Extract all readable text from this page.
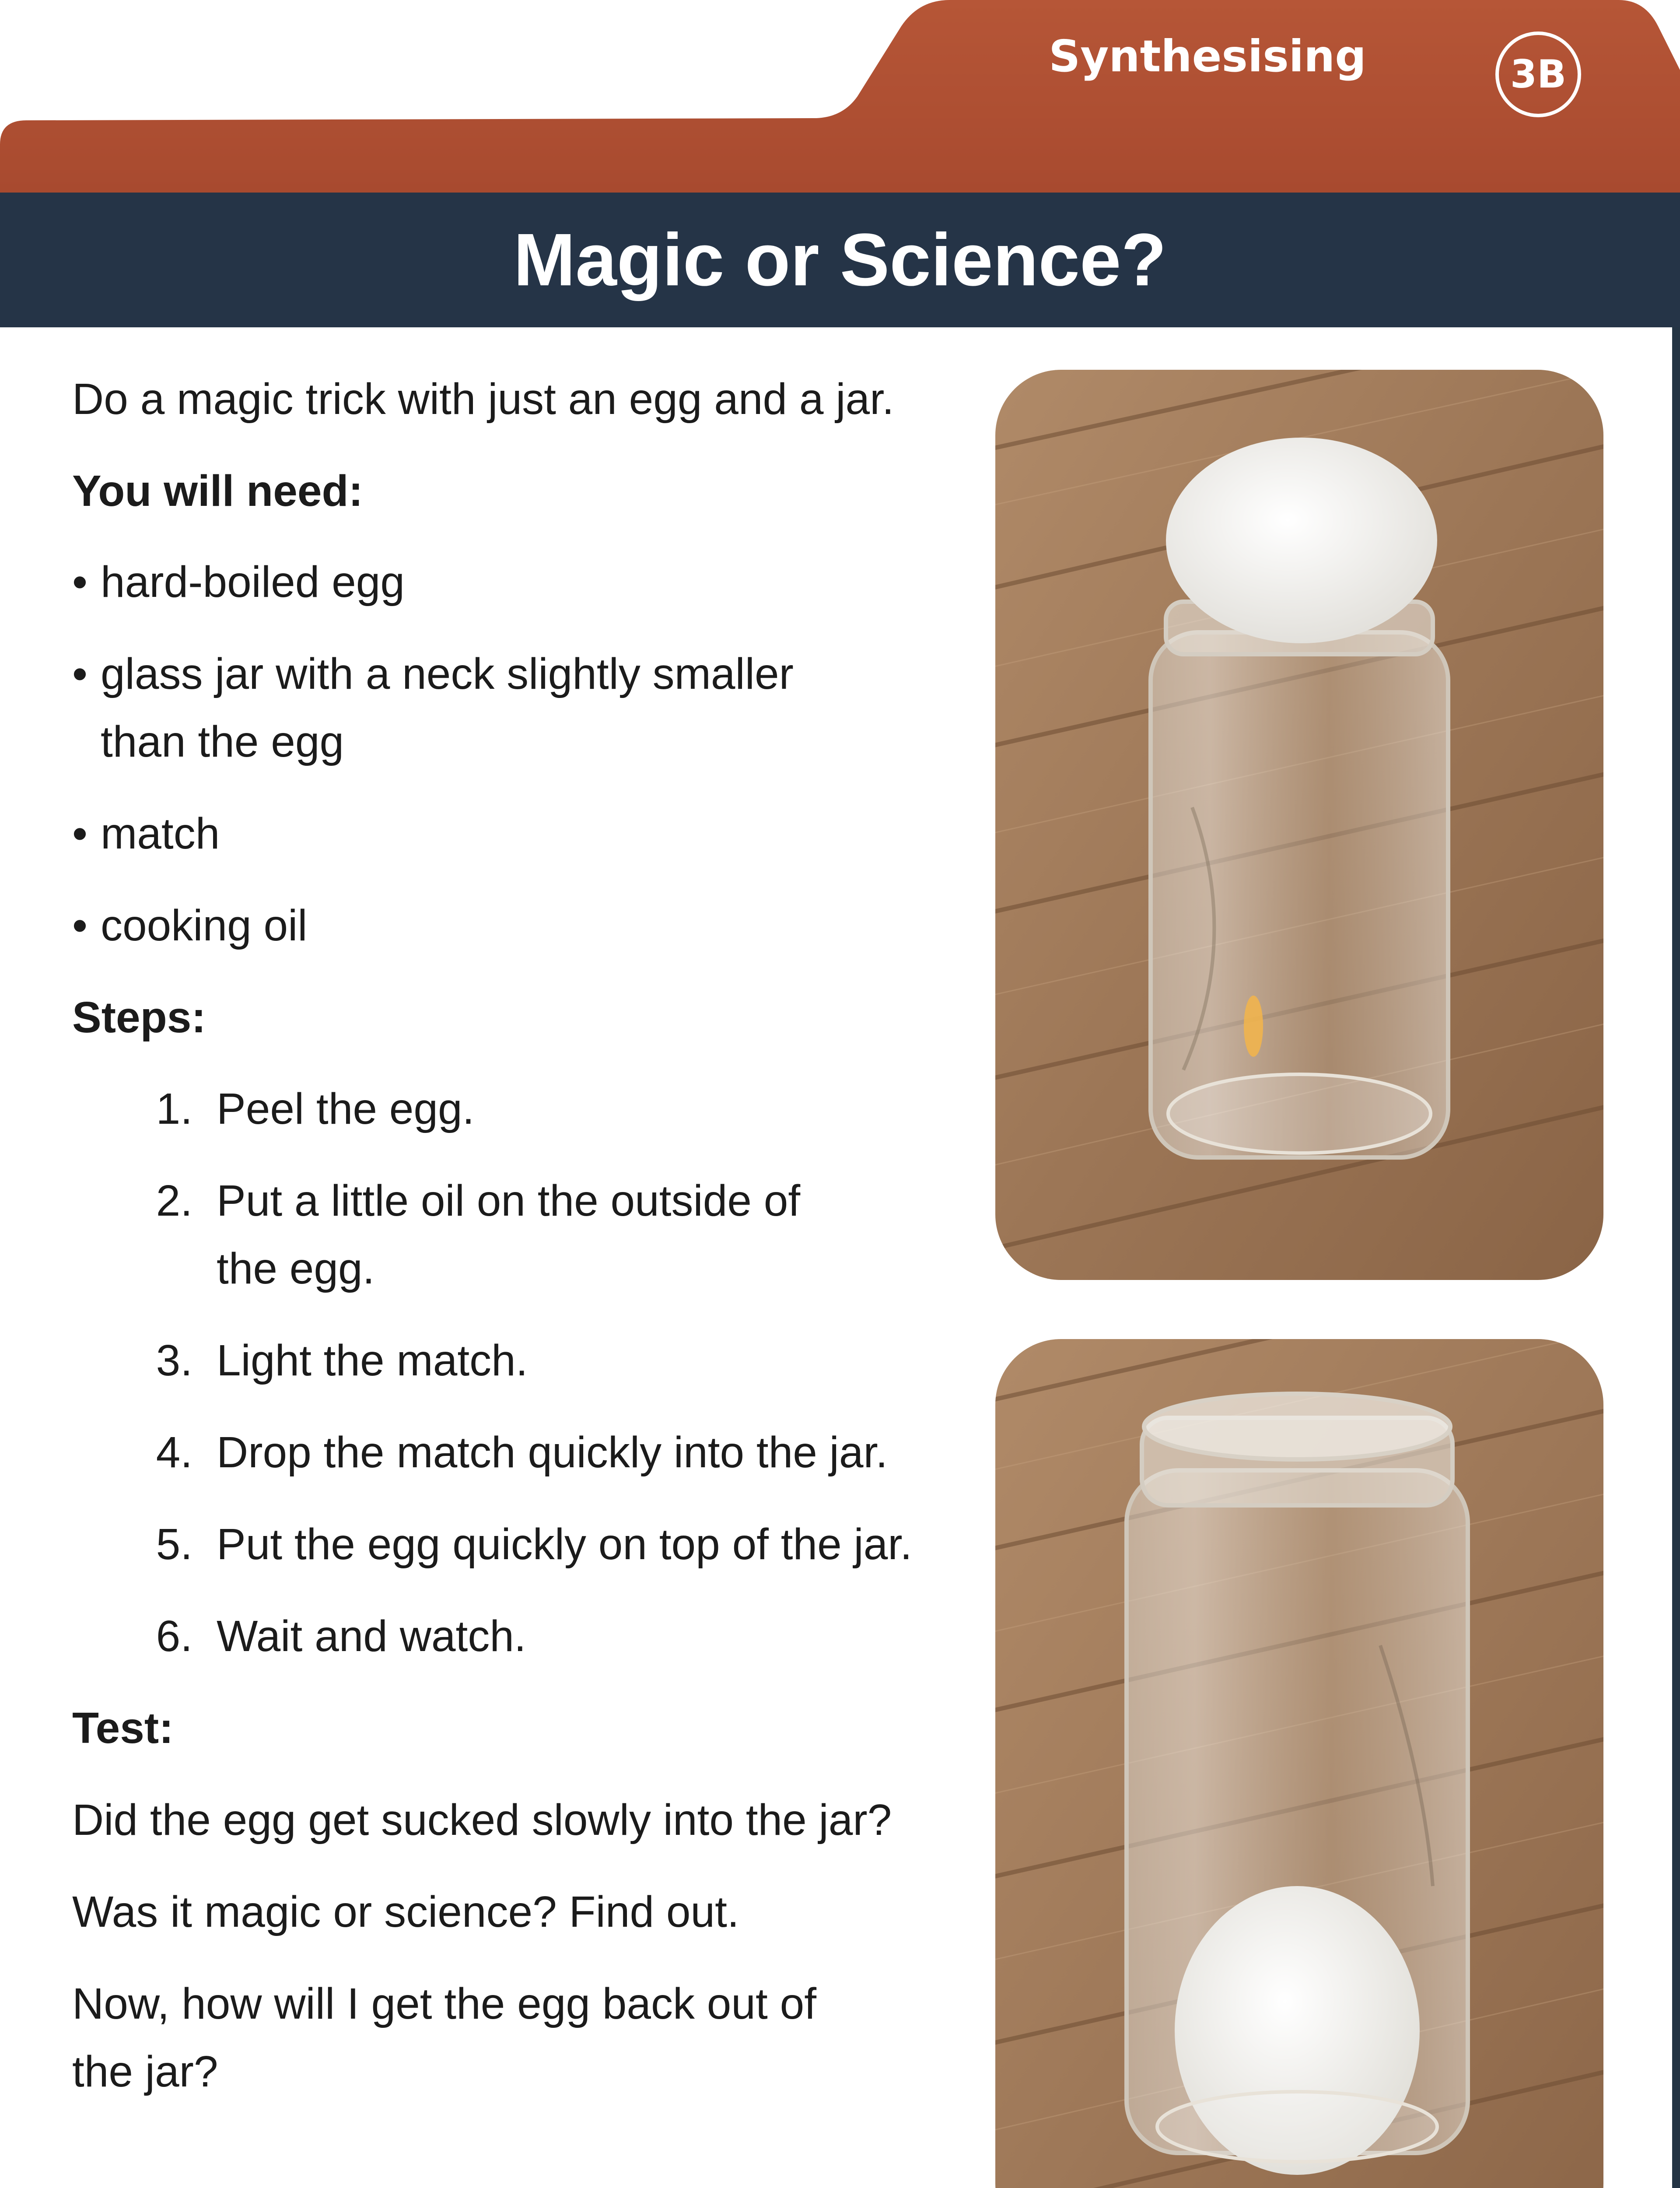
Synthesising	3B
Magic or Science?
Do a magic trick with just an egg and a jar.
You will need:
• hard-boiled egg
• glass jar with a neck slightly smaller
than the egg
• match
• cooking oil
Steps:
1. Peel the egg.
2. Put a little oil on the outside of
the egg.
3. Light the match.
4. Drop the match quickly into the jar.
5. Put the egg quickly on top of the jar.
6. Wait and watch.
Test:
Did the egg get sucked slowly into the jar?
Was it magic or science? Find out.
Now, how will I get the egg back out of
the jar?
